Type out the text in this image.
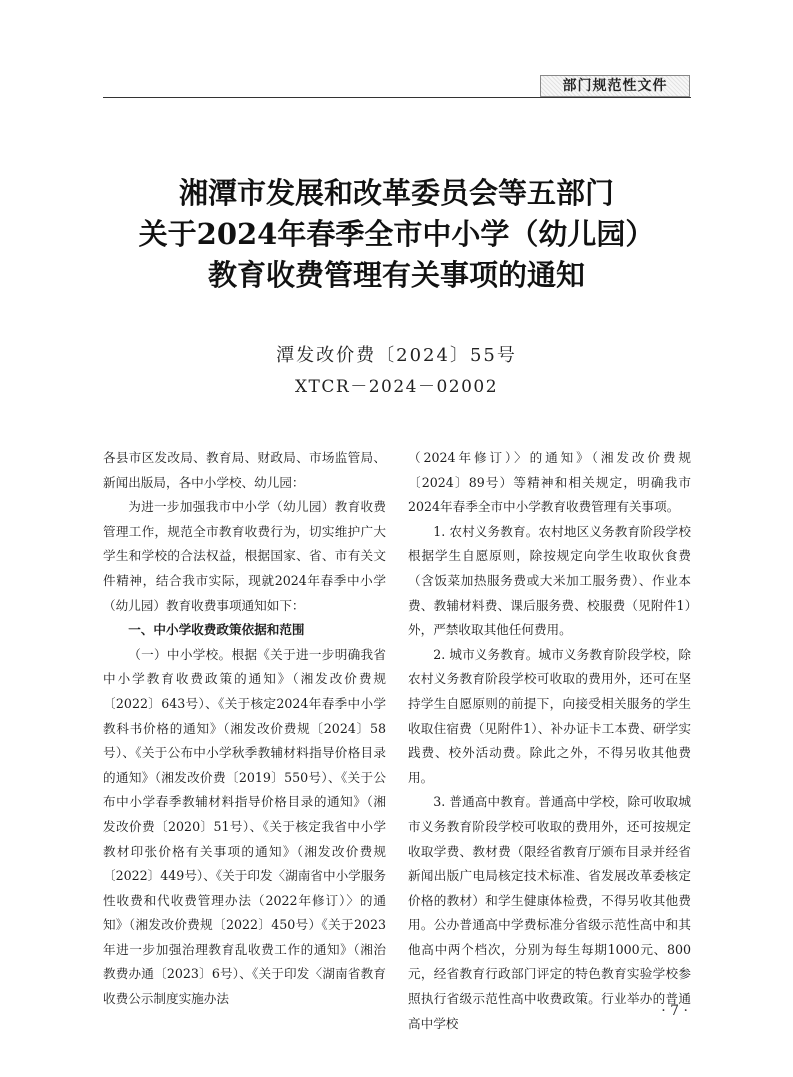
部门规范性文件
湘潭市发展和改革委员会等五部门
关于2024年春季全市中小学（幼儿园）
教育收费管理有关事项的通知
潭发改价费〔2024〕55号
XTCR－2024－02002

各县市区发改局、教育局、财政局、市场监管局、新闻出版局，各中小学校、幼儿园：

为进一步加强我市中小学（幼儿园）教育收费管理工作，规范全市教育收费行为，切实维护广大学生和学校的合法权益，根据国家、省、市有关文件精神，结合我市实际，现就2024年春季中小学（幼儿园）教育收费事项通知如下：

一、中小学收费政策依据和范围

（一）中小学校。根据《关于进一步明确我省中小学教育收费政策的通知》（湘发改价费规〔2022〕643号）、《关于核定2024年春季中小学教科书价格的通知》（湘发改价费规〔2024〕58号）、《关于公布中小学秋季教辅材料指导价格目录的通知》（湘发改价费〔2019〕550号）、《关于公布中小学春季教辅材料指导价格目录的通知》（湘发改价费〔2020〕51号）、《关于核定我省中小学教材印张价格有关事项的通知》（湘发改价费规〔2022〕449号）、《关于印发〈湖南省中小学服务性收费和代收费管理办法（2022年修订）〉的通知》（湘发改价费规〔2022〕450号）《关于2023年进一步加强治理教育乱收费工作的通知》（湘治教费办通〔2023〕6号）、《关于印发〈湖南省教育收费公示制度实施办法

（2024年修订）〉的通知》（湘发改价费规〔2024〕89号）等精神和相关规定，明确我市2024年春季全市中小学教育收费管理有关事项。

1. 农村义务教育。农村地区义务教育阶段学校根据学生自愿原则，除按规定向学生收取伙食费（含饭菜加热服务费或大米加工服务费）、作业本费、教辅材料费、课后服务费、校服费（见附件1）外，严禁收取其他任何费用。

2. 城市义务教育。城市义务教育阶段学校，除农村义务教育阶段学校可收取的费用外，还可在坚持学生自愿原则的前提下，向接受相关服务的学生收取住宿费（见附件1）、补办证卡工本费、研学实践费、校外活动费。除此之外，不得另收其他费用。

3. 普通高中教育。普通高中学校，除可收取城市义务教育阶段学校可收取的费用外，还可按规定收取学费、教材费（限经省教育厅颁布目录并经省新闻出版广电局核定技术标准、省发展改革委核定价格的教材）和学生健康体检费，不得另收其他费用。公办普通高中学费标准分省级示范性高中和其他高中两个档次，分别为每生每期1000元、800元，经省教育行政部门评定的特色教育实验学校参照执行省级示范性高中收费政策。行业举办的普通高中学校

· 7 ·
